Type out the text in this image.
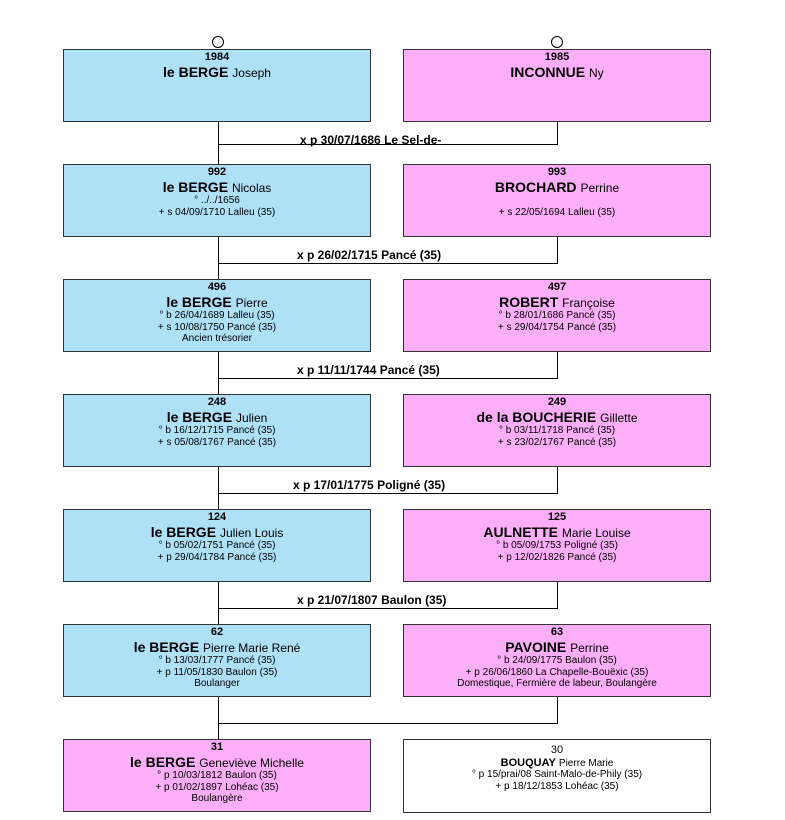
1984
le BERGE Joseph
1985
INCONNUE Ny
992
le BERGE Nicolas
° ../../1656
+ s 04/09/1710 Lalleu (35)
993
BROCHARD Perrine

+ s 22/05/1694 Lalleu (35)
x p 30/07/1686 Le Sel-de-
496
le BERGE Pierre
° b 26/04/1689 Lalleu (35)
+ s 10/08/1750 Pancé (35)
Ancien trésorier
497
ROBERT Françoise
° b 28/01/1686 Pancé (35)
+ s 29/04/1754 Pancé (35)
x p 26/02/1715 Pancé (35)
248
le BERGE Julien
° b 16/12/1715 Pancé (35)
+ s 05/08/1767 Pancé (35)
249
de la BOUCHERIE Gillette
° b 03/11/1718 Pancé (35)
+ s 23/02/1767 Pancé (35)
x p 11/11/1744 Pancé (35)
124
le BERGE Julien Louis
° b 05/02/1751 Pancé (35)
+ p 29/04/1784 Pancé (35)
125
AULNETTE Marie Louise
° b 05/09/1753 Poligné (35)
+ p 12/02/1826 Pancé (35)
x p 17/01/1775 Poligné (35)
62
le BERGE Pierre Marie René
° b 13/03/1777 Pancé (35)
+ p 11/05/1830 Baulon (35)
Boulanger
63
PAVOINE Perrine
° b 24/09/1775 Baulon (35)
+ p 26/06/1860 La Chapelle-Bouëxic (35)
Domestique, Fermière de labeur, Boulangère
x p 21/07/1807 Baulon (35)
31
le BERGE Geneviève Michelle
° p 10/03/1812 Baulon (35)
+ p 01/02/1897 Lohéac (35)
Boulangère
30
BOUQUAY Pierre Marie
° p 15/prai/08 Saint-Malo-de-Phily (35)
+ p 18/12/1853 Lohéac (35)
